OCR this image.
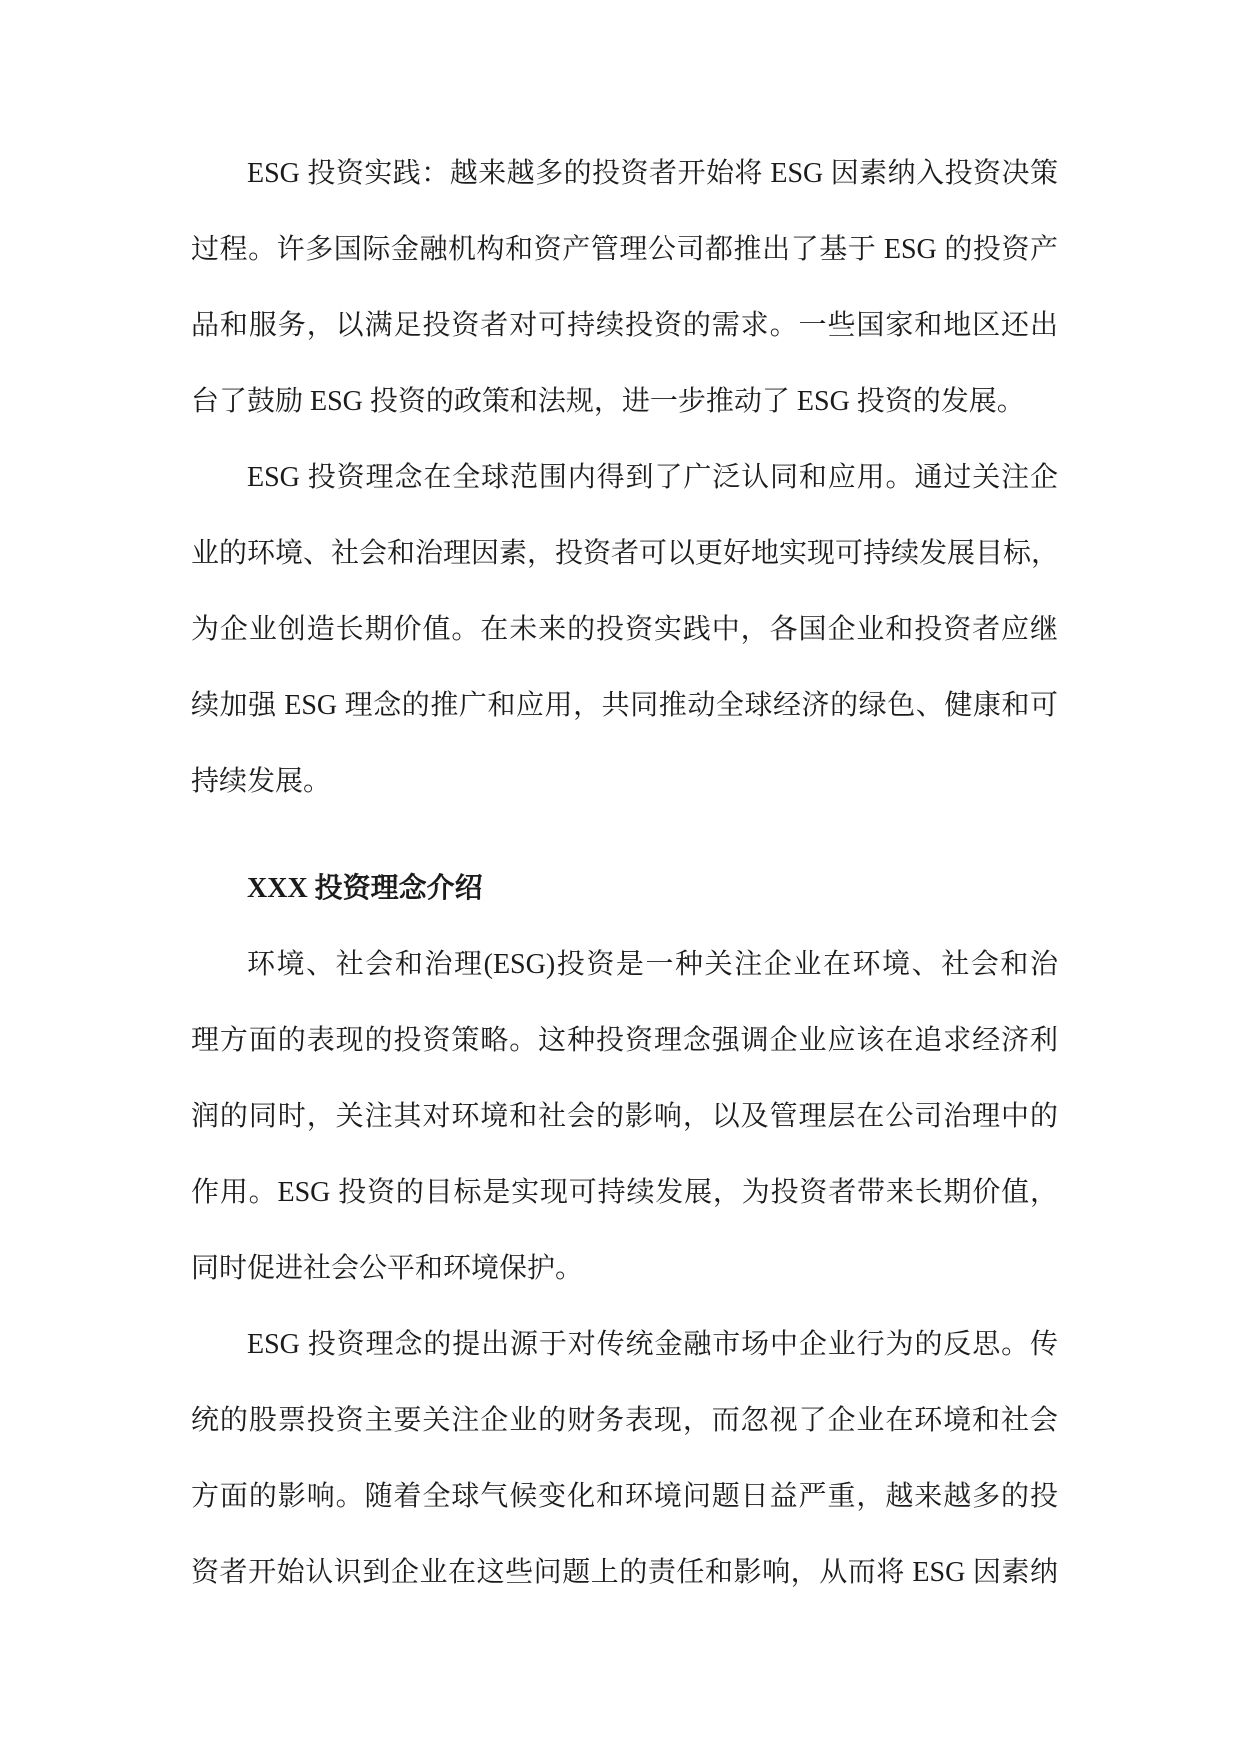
ESG 投资实践：越来越多的投资者开始将 ESG 因素纳入投资决策
过程。许多国际金融机构和资产管理公司都推出了基于 ESG 的投资产
品和服务，以满足投资者对可持续投资的需求。一些国家和地区还出
台了鼓励 ESG 投资的政策和法规，进一步推动了 ESG 投资的发展。
ESG 投资理念在全球范围内得到了广泛认同和应用。通过关注企
业的环境、社会和治理因素，投资者可以更好地实现可持续发展目标，
为企业创造长期价值。在未来的投资实践中，各国企业和投资者应继
续加强 ESG 理念的推广和应用，共同推动全球经济的绿色、健康和可
持续发展。
XXX 投资理念介绍
环境、社会和治理(ESG)投资是一种关注企业在环境、社会和治
理方面的表现的投资策略。这种投资理念强调企业应该在追求经济利
润的同时，关注其对环境和社会的影响，以及管理层在公司治理中的
作用。ESG 投资的目标是实现可持续发展，为投资者带来长期价值，
同时促进社会公平和环境保护。
ESG 投资理念的提出源于对传统金融市场中企业行为的反思。传
统的股票投资主要关注企业的财务表现，而忽视了企业在环境和社会
方面的影响。随着全球气候变化和环境问题日益严重，越来越多的投
资者开始认识到企业在这些问题上的责任和影响，从而将 ESG 因素纳
